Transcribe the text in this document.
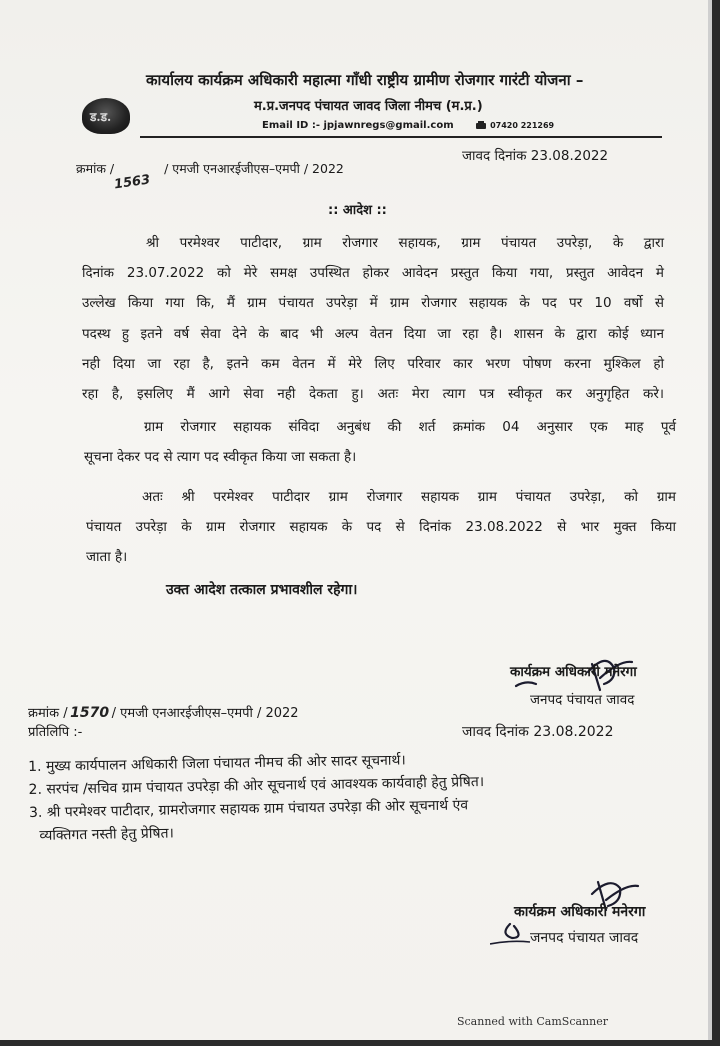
ड.ड.
कार्यालय कार्यक्रम अधिकारी महात्मा गाँधी राष्ट्रीय ग्रामीण रोजगार गारंटी योजना –
म.प्र.जनपद पंचायत जावद जिला नीमच (म.प्र.)
Email ID :- jpjawnregs@gmail.com	07420 221269
क्रमांक /1563/ एमजी एनआरईजीएस–एमपी / 2022
जावद दिनांक 23.08.2022
:: आदेश ::
श्री परमेश्वर पाटीदार, ग्राम रोजगार सहायक, ग्राम पंचायत उपरेड़ा, के द्वारा
दिनांक 23.07.2022 को मेरे समक्ष उपस्थित होकर आवेदन प्रस्तुत किया गया, प्रस्तुत आवेदन मे
उल्लेख किया गया कि, मैं ग्राम पंचायत उपरेड़ा में ग्राम रोजगार सहायक के पद पर 10 वर्षो से
पदस्थ हु इतने वर्ष सेवा देने के बाद भी अल्प वेतन दिया जा रहा है। शासन के द्वारा कोई ध्यान
नही दिया जा रहा है, इतने कम वेतन में मेरे लिए परिवार कार भरण पोषण करना मुश्किल हो
रहा है, इसलिए मैं आगे सेवा नही देकता हु। अतः मेरा त्याग पत्र स्वीकृत कर अनुगृहित करे।
ग्राम रोजगार सहायक संविदा अनुबंध की शर्त क्रमांक 04 अनुसार एक माह पूर्व
सूचना देकर पद से त्याग पद स्वीकृत किया जा सकता है।
अतः श्री परमेश्वर पाटीदार ग्राम रोजगार सहायक ग्राम पंचायत उपरेड़ा, को ग्राम
पंचायत उपरेड़ा के ग्राम रोजगार सहायक के पद से दिनांक 23.08.2022 से भार मुक्त किया
जाता है।
उक्त आदेश तत्काल प्रभावशील रहेगा।
कार्यक्रम अधिकारी मनेरगा
जनपद पंचायत जावद
क्रमांक / 1570 / एमजी एनआरईजीएस–एमपी / 2022
प्रतिलिपि :-	जावद दिनांक 23.08.2022
1. मुख्य कार्यपालन अधिकारी जिला पंचायत नीमच की ओर सादर सूचनार्थ।
2. सरपंच /सचिव ग्राम पंचायत उपरेड़ा की ओर सूचनार्थ एवं आवश्यक कार्यवाही हेतु प्रेषित।
3. श्री परमेश्वर पाटीदार, ग्रामरोजगार सहायक ग्राम पंचायत उपरेड़ा की ओर सूचनार्थ एंव
व्यक्तिगत नस्ती हेतु प्रेषित।
कार्यक्रम अधिकारी मनेरगा
जनपद पंचायत जावद
Scanned with CamScanner
